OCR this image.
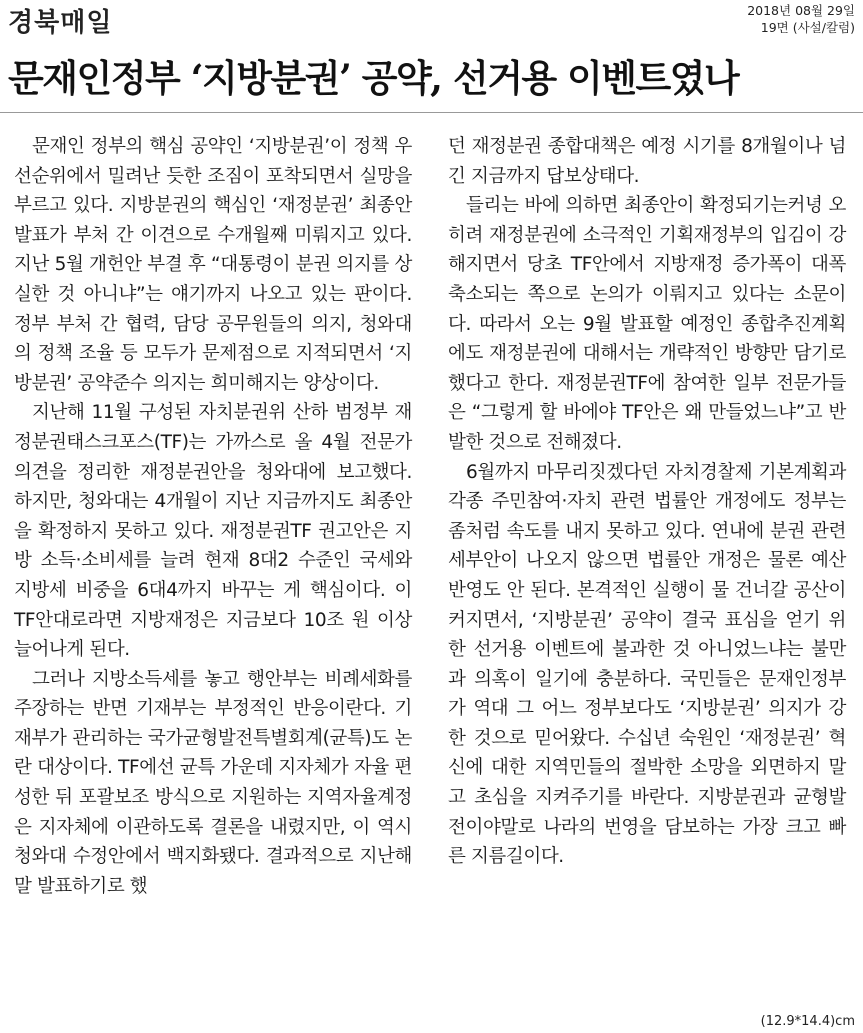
경북매일	2018년 08월 29일
19면 (사설/칼럼)
문재인정부 ‘지방분권’ 공약, 선거용 이벤트였나

문재인 정부의 핵심 공약인 ‘지방분권’이 정책 우선순위에서 밀려난 듯한 조짐이 포착되면서 실망을 부르고 있다. 지방분권의 핵심인 ‘재정분권’ 최종안 발표가 부처 간 이견으로 수개월째 미뤄지고 있다. 지난 5월 개헌안 부결 후 “대통령이 분권 의지를 상실한 것 아니냐”는 얘기까지 나오고 있는 판이다. 정부 부처 간 협력, 담당 공무원들의 의지, 청와대의 정책 조율 등 모두가 문제점으로 지적되면서 ‘지방분권’ 공약준수 의지는 희미해지는 양상이다.

지난해 11월 구성된 자치분권위 산하 범정부 재정분권태스크포스(TF)는 가까스로 올 4월 전문가 의견을 정리한 재정분권안을 청와대에 보고했다. 하지만, 청와대는 4개월이 지난 지금까지도 최종안을 확정하지 못하고 있다. 재정분권TF 권고안은 지방 소득·소비세를 늘려 현재 8대2 수준인 국세와 지방세 비중을 6대4까지 바꾸는 게 핵심이다. 이 TF안대로라면 지방재정은 지금보다 10조 원 이상 늘어나게 된다.

그러나 지방소득세를 놓고 행안부는 비례세화를 주장하는 반면 기재부는 부정적인 반응이란다. 기재부가 관리하는 국가균형발전특별회계(균특)도 논란 대상이다. TF에선 균특 가운데 지자체가 자율 편성한 뒤 포괄보조 방식으로 지원하는 지역자율계정은 지자체에 이관하도록 결론을 내렸지만, 이 역시 청와대 수정안에서 백지화됐다. 결과적으로 지난해 말 발표하기로 했

던 재정분권 종합대책은 예정 시기를 8개월이나 넘긴 지금까지 답보상태다.

들리는 바에 의하면 최종안이 확정되기는커녕 오히려 재정분권에 소극적인 기획재정부의 입김이 강해지면서 당초 TF안에서 지방재정 증가폭이 대폭 축소되는 쪽으로 논의가 이뤄지고 있다는 소문이다. 따라서 오는 9월 발표할 예정인 종합추진계획에도 재정분권에 대해서는 개략적인 방향만 담기로 했다고 한다. 재정분권TF에 참여한 일부 전문가들은 “그렇게 할 바에야 TF안은 왜 만들었느냐”고 반발한 것으로 전해졌다.

6월까지 마무리짓겠다던 자치경찰제 기본계획과 각종 주민참여·자치 관련 법률안 개정에도 정부는 좀처럼 속도를 내지 못하고 있다. 연내에 분권 관련 세부안이 나오지 않으면 법률안 개정은 물론 예산 반영도 안 된다. 본격적인 실행이 물 건너갈 공산이 커지면서, ‘지방분권’ 공약이 결국 표심을 얻기 위한 선거용 이벤트에 불과한 것 아니었느냐는 불만과 의혹이 일기에 충분하다. 국민들은 문재인정부가 역대 그 어느 정부보다도 ‘지방분권’ 의지가 강한 것으로 믿어왔다. 수십년 숙원인 ‘재정분권’ 혁신에 대한 지역민들의 절박한 소망을 외면하지 말고 초심을 지켜주기를 바란다. 지방분권과 균형발전이야말로 나라의 번영을 담보하는 가장 크고 빠른 지름길이다.

(12.9*14.4)cm
